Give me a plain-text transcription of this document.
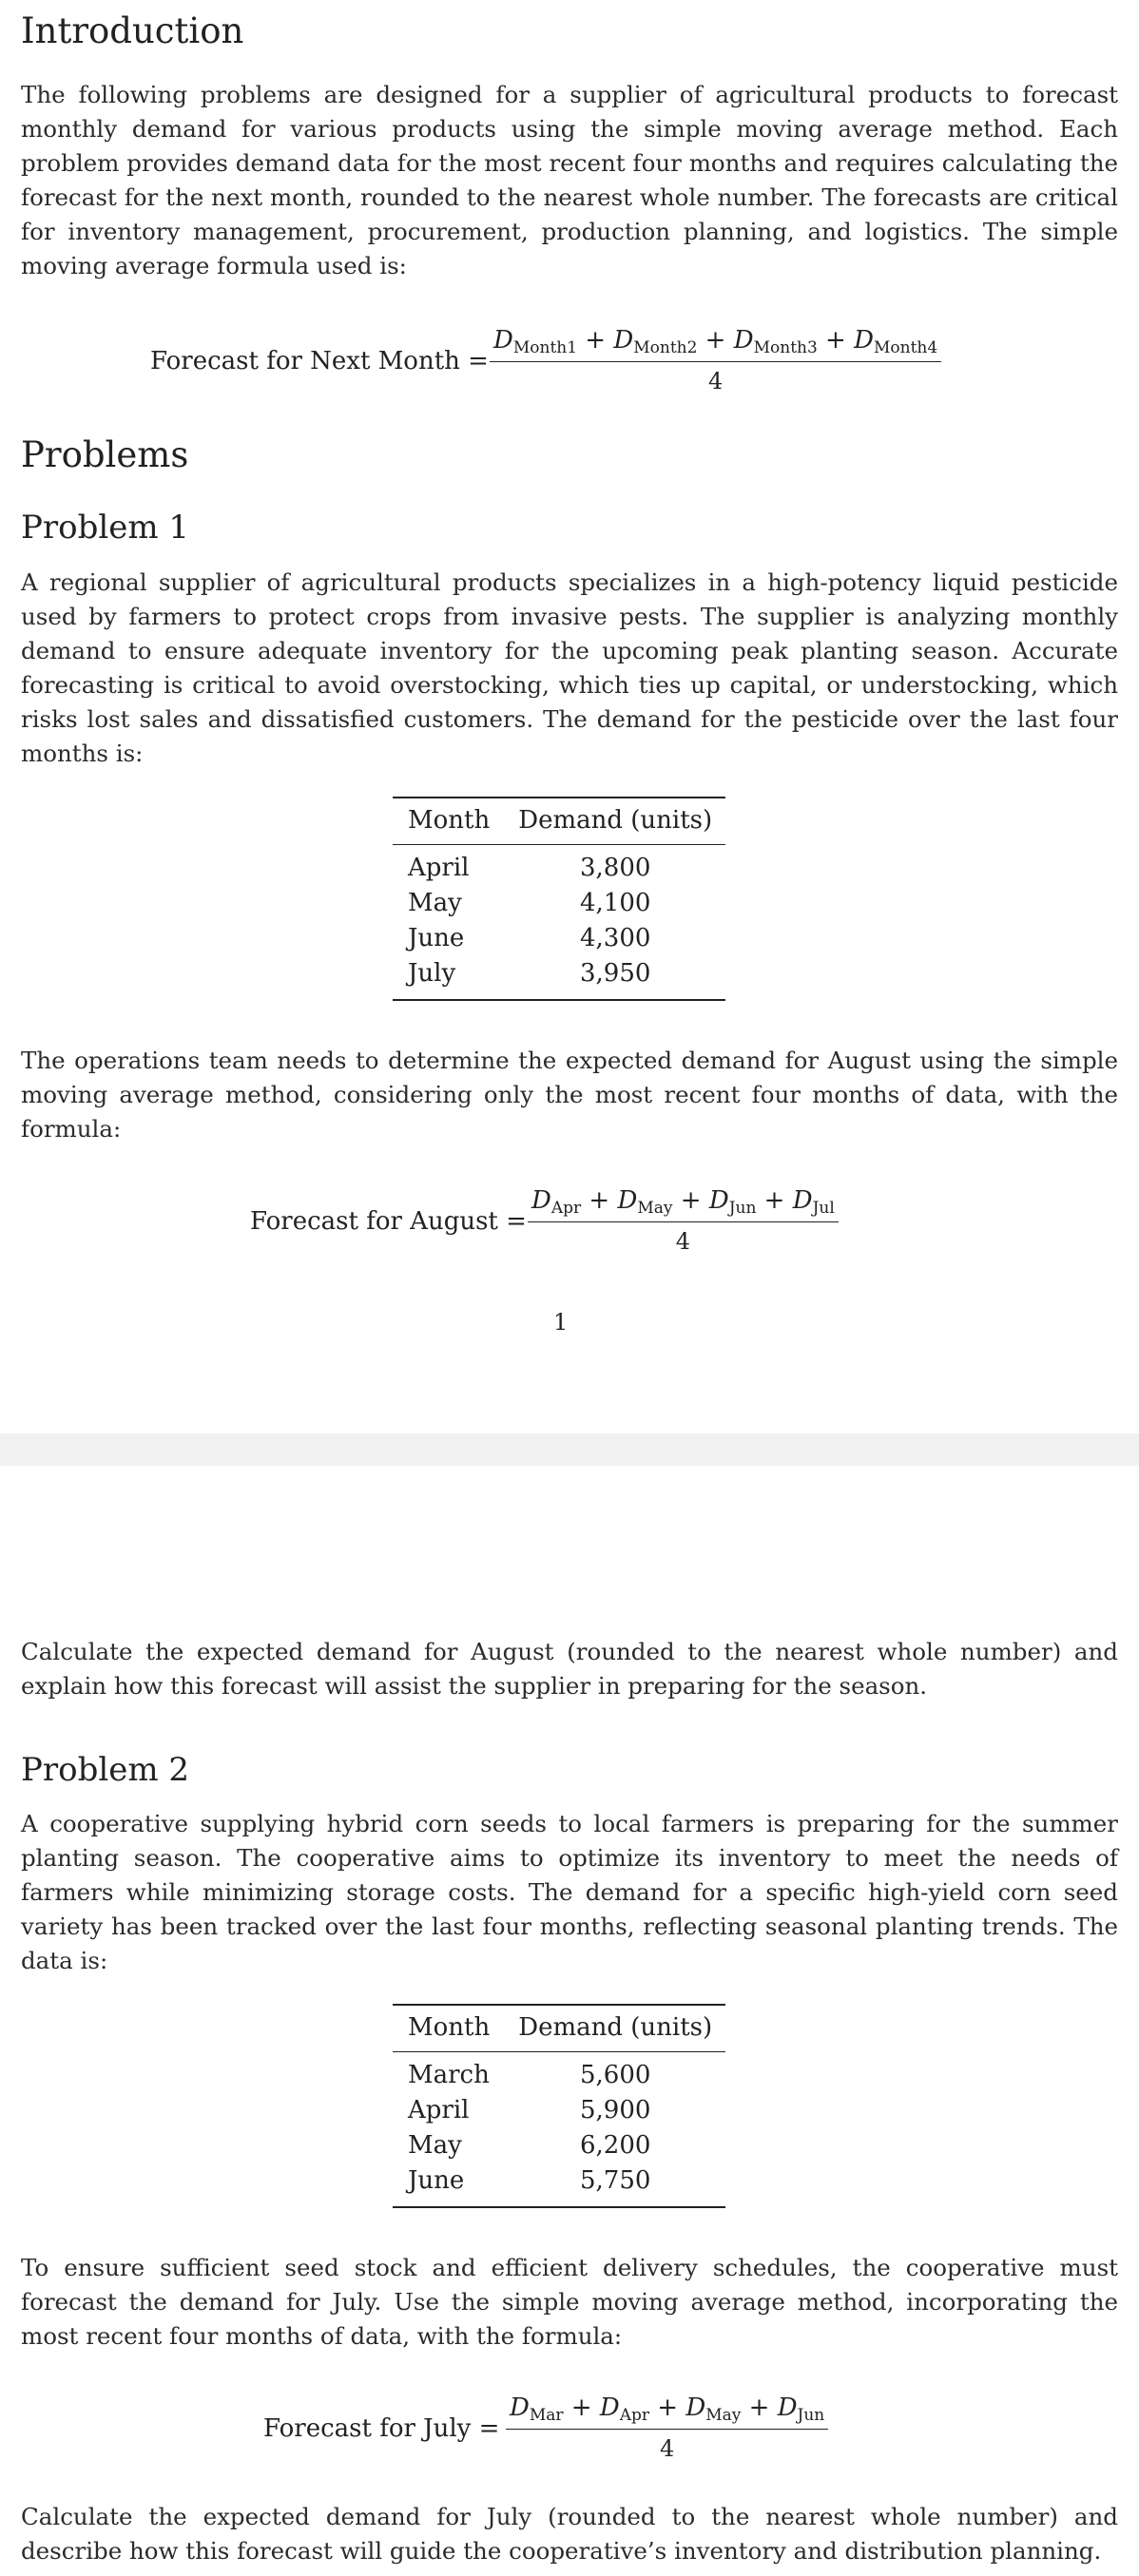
Introduction

The following problems are designed for a supplier of agricultural products to forecast monthly demand for various products using the simple moving average method. Each problem provides demand data for the most recent four months and requires calculating the forecast for the next month, rounded to the nearest whole number. The forecasts are critical for inventory management, procurement, production planning, and logistics. The simple moving average formula used is:

Forecast for Next Month =
$D_{Month1} + D_{Month2} + D_{Month3} + D_{Month4}$
4
Problems
Problem 1

A regional supplier of agricultural products specializes in a high-potency liquid pesticide used by farmers to protect crops from invasive pests. The supplier is analyzing monthly demand to ensure adequate inventory for the upcoming peak planting season. Accurate forecasting is critical to avoid overstocking, which ties up capital, or understocking, which risks lost sales and dissatisfied customers. The demand for the pesticide over the last four months is:

Month	Demand (units)
April	3,800
May	4,100
June	4,300
July	3,950

The operations team needs to determine the expected demand for August using the simple moving average method, considering only the most recent four months of data, with the formula:

Forecast for August =
$D_{Apr} + D_{May} + D_{Jun} + D_{Jul}$
4
1

Calculate the expected demand for August (rounded to the nearest whole number) and explain how this forecast will assist the supplier in preparing for the season.

Problem 2

A cooperative supplying hybrid corn seeds to local farmers is preparing for the summer planting season. The cooperative aims to optimize its inventory to meet the needs of farmers while minimizing storage costs. The demand for a specific high-yield corn seed variety has been tracked over the last four months, reflecting seasonal planting trends. The data is:

Month	Demand (units)
March	5,600
April	5,900
May	6,200
June	5,750

To ensure sufficient seed stock and efficient delivery schedules, the cooperative must forecast the demand for July. Use the simple moving average method, incorporating the most recent four months of data, with the formula:

Forecast for July =
$D_{Mar} + D_{Apr} + D_{May} + D_{Jun}$
4

Calculate the expected demand for July (rounded to the nearest whole number) and describe how this forecast will guide the cooperative’s inventory and distribution planning.
